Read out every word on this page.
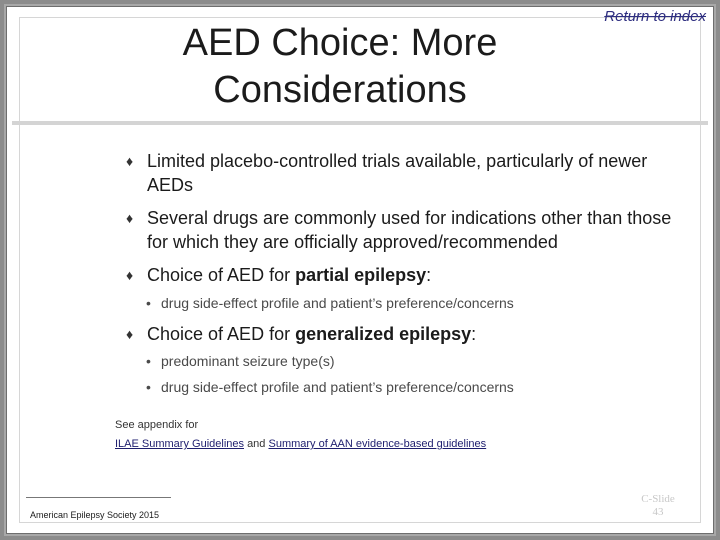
AED Choice: More
Considerations
Return to index
♦ Limited placebo-controlled trials available, particularly of newer AEDs
♦ Several drugs are commonly used for indications other than those for which they are officially approved/recommended
♦ Choice of AED for partial epilepsy:
• drug side-effect profile and patient’s preference/concerns
♦ Choice of AED for generalized epilepsy:
• predominant seizure type(s)
• drug side-effect profile and patient’s preference/concerns
See appendix for
ILAE Summary Guidelines and Summary of AAN evidence-based guidelines
American Epilepsy Society 2015
C-Slide
43
